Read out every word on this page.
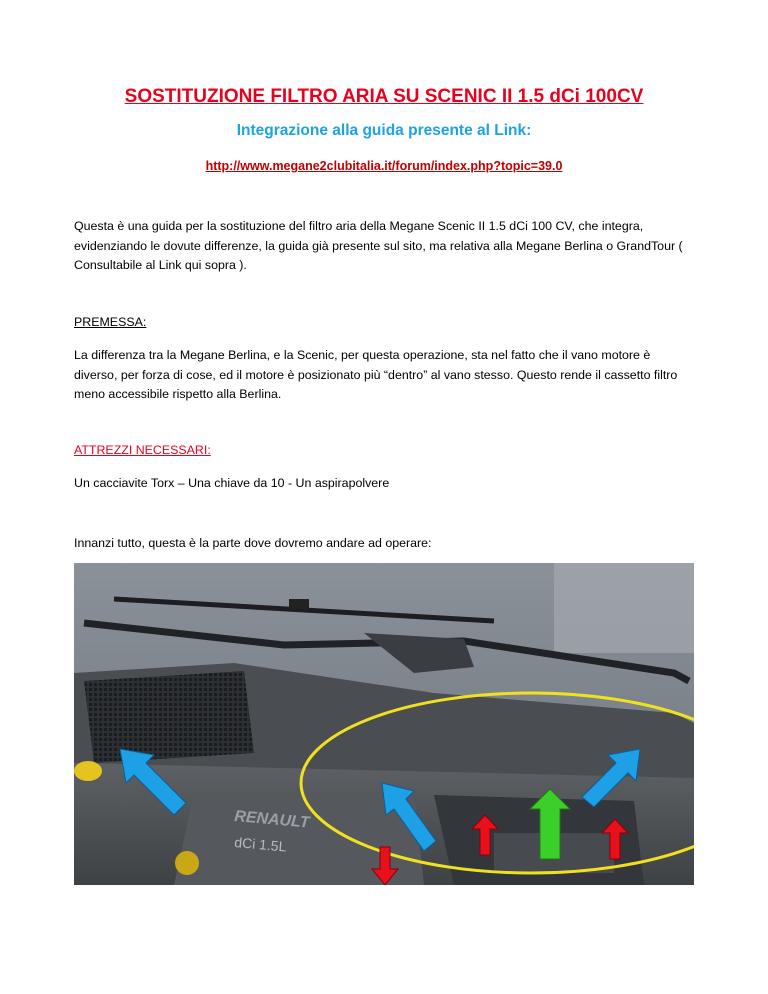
SOSTITUZIONE FILTRO ARIA SU SCENIC II 1.5 dCi 100CV
Integrazione alla guida presente al Link:
http://www.megane2clubitalia.it/forum/index.php?topic=39.0
Questa è una guida per la sostituzione del filtro aria della Megane Scenic II 1.5 dCi 100 CV, che integra, evidenziando le dovute differenze, la guida già presente sul sito, ma relativa alla Megane Berlina o GrandTour ( Consultabile al Link qui sopra ).
PREMESSA:
La differenza tra la Megane Berlina, e la Scenic, per questa operazione, sta nel fatto che il vano motore è diverso, per forza di cose, ed il motore è posizionato più “dentro” al vano stesso. Questo rende il cassetto filtro meno accessibile rispetto alla Berlina.
ATTREZZI NECESSARI:
Un cacciavite Torx – Una chiave da 10 - Un aspirapolvere
Innanzi tutto, questa è la parte dove dovremo andare ad operare:
RENAULT
dCi 1.5L
